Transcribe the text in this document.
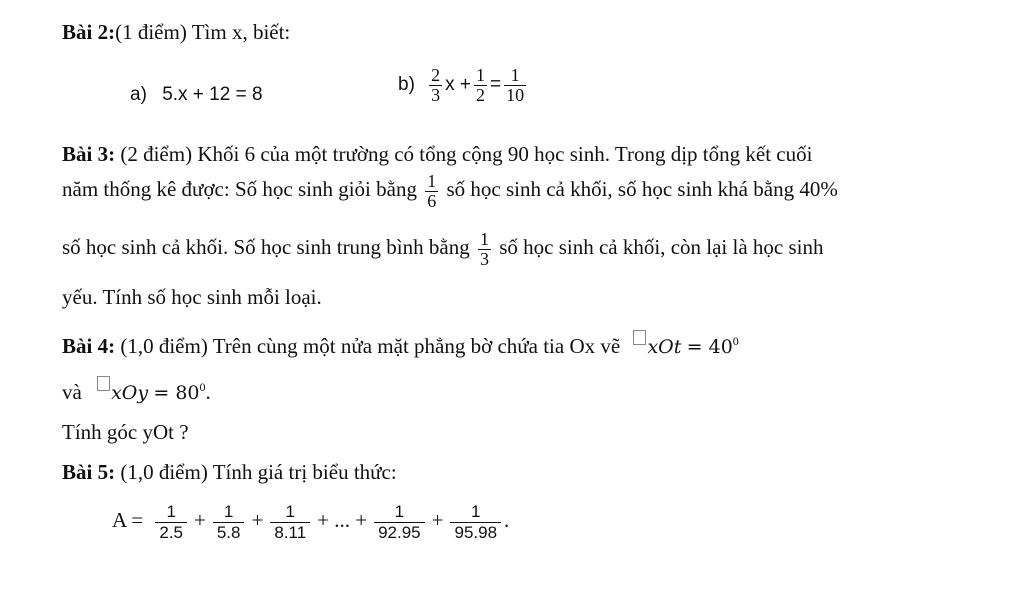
Bài 2:(1 điểm) Tìm x, biết:
a) 5.x + 12 = 8	$b) \frac{2}{3}$ $x + \frac{1}{2} = \frac{1}{10}$
Bài 3: (2 điểm) Khối 6 của một trường có tổng cộng 90 học sinh. Trong dịp tổng kết cuối
năm thống kê được: Số học sinh giỏi bằng $\frac{1}{6}$ số học sinh cả khối, số học sinh khá bằng 40%
số học sinh cả khối. Số học sinh trung bình bằng $\frac{1}{3}$ số học sinh cả khối, còn lại là học sinh
yếu. Tính số học sinh mỗi loại.
Bài 4: (1,0 điểm) Trên cùng một nửa mặt phẳng bờ chứa tia Ox vẽ xOt = $40^0$
và xOy = $80^0$.
Tính góc yOt ?
Bài 5: (1,0 điểm) Tính giá trị biểu thức:
$A = \frac{1}{2.5} + \frac{1}{5.8} + \frac{1}{8.11}$ + ... + $\frac{1}{92.95} + \frac{1}{95.98}$ .
